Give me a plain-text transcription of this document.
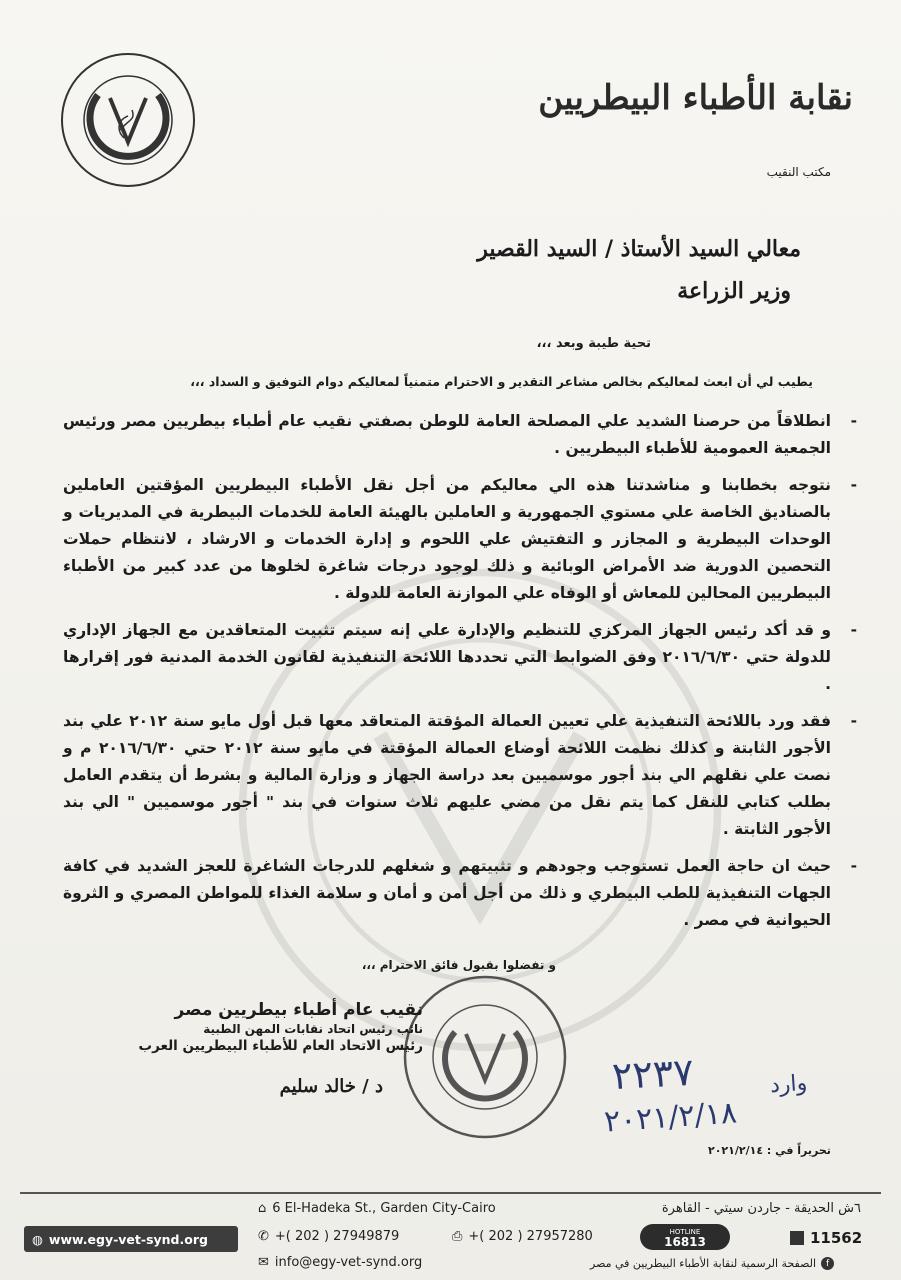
نقابة الأطباء البيطريين
مكتب النقيب
معالي السيد الأستاذ / السيد القصير
وزير الزراعة
تحية طيبة وبعد ،،،
يطيب لي أن ابعث لمعاليكم بخالص مشاعر التقدير و الاحترام متمنياً لمعاليكم دوام التوفيق و السداد ،،،
-
انطلاقاً من حرصنا الشديد علي المصلحة العامة للوطن بصفتي نقيب عام أطباء بيطريين مصر ورئيس الجمعية العمومية للأطباء البيطريين .
-
نتوجه بخطابنا و مناشدتنا هذه الي معاليكم من أجل نقل الأطباء البيطريين المؤقتين العاملين بالصناديق الخاصة علي مستوي الجمهورية و العاملين بالهيئة العامة للخدمات البيطرية في المديريات و الوحدات البيطرية و المجازر و التفتيش علي اللحوم و إدارة الخدمات و الارشاد ، لانتظام حملات التحصين الدورية ضد الأمراض الوبائية و ذلك لوجود درجات شاغرة لخلوها من عدد كبير من الأطباء البيطريين المحالين للمعاش أو الوفاه علي الموازنة العامة للدولة .
-
و قد أكد رئيس الجهاز المركزي للتنظيم والإدارة علي إنه سيتم تثبيت المتعاقدين مع الجهاز الإداري للدولة حتي ٢٠١٦/٦/٣٠ وفق الضوابط التي تحددها اللائحة التنفيذية لقانون الخدمة المدنية فور إقرارها .
-
فقد ورد باللائحة التنفيذية علي تعيين العمالة المؤقتة المتعاقد معها قبل أول مايو سنة ٢٠١٢ علي بند الأجور الثابتة و كذلك نظمت اللائحة أوضاع العمالة المؤقتة في مايو سنة ٢٠١٢ حتي ٢٠١٦/٦/٣٠ م و نصت علي نقلهم الي بند أجور موسميين بعد دراسة الجهاز و وزارة المالية و بشرط أن يتقدم العامل بطلب كتابي للنقل كما يتم نقل من مضي عليهم ثلاث سنوات في بند " أجور موسميين " الي بند الأجور الثابتة .
-
حيث ان حاجة العمل تستوجب وجودهم و تثبيتهم و شغلهم للدرجات الشاغرة للعجز الشديد في كافة الجهات التنفيذية للطب البيطري و ذلك من أجل أمن و أمان و سلامة الغذاء للمواطن المصري و الثروة الحيوانية في مصر .
و تفضلوا بقبول فائق الاحترام ،،،
نقيب عام أطباء بيطريين مصر
نائب رئيس اتحاد نقابات المهن الطبية
رئيس الاتحاد العام للأطباء البيطريين العرب
د / خالد سليم	٢٢٣٧	وارد
٢٠٢١/٢/١٨
تحريراً في : ٢٠٢١/٢/١٤
◍ www.egy-vet-synd.org
⌂ 6 El-Hadeka St., Garden City-Cairo	٦ش الحديقة - جاردن سيتي - القاهرة
✆ +( 202 ) 27949879	⎙ +( 202 ) 27957280
✉ info@egy-vet-synd.org
HOTLINE
16813	11562
f
الصفحة الرسمية لنقابة الأطباء البيطريين في مصر
